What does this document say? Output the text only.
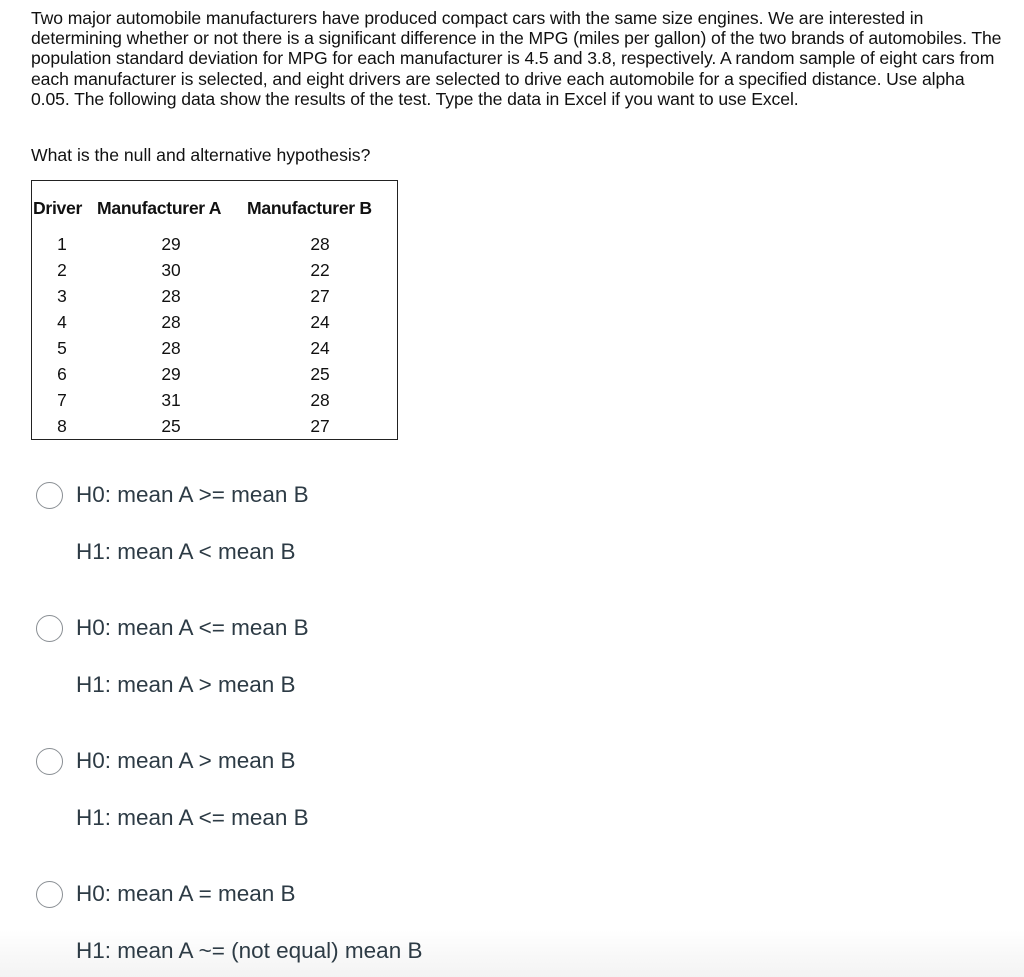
Two major automobile manufacturers have produced compact cars with the same size engines. We are interested in determining whether or not there is a significant difference in the MPG (miles per gallon) of the two brands of automobiles. The population standard deviation for MPG for each manufacturer is 4.5 and 3.8, respectively. A random sample of eight cars from each manufacturer is selected, and eight drivers are selected to drive each automobile for a specified distance. Use alpha 0.05. The following data show the results of the test. Type the data in Excel if you want to use Excel.

What is the null and alternative hypothesis?

Driver Manufacturer A Manufacturer B
1	29	28
2	30	22
3	28	27
4	28	24
5	28	24
6	29	25
7	31	28
8	25	27
H0: mean A >= mean B
H1: mean A < mean B
H0: mean A <= mean B
H1: mean A > mean B
H0: mean A > mean B
H1: mean A <= mean B
H0: mean A = mean B
H1: mean A ~= (not equal) mean B
